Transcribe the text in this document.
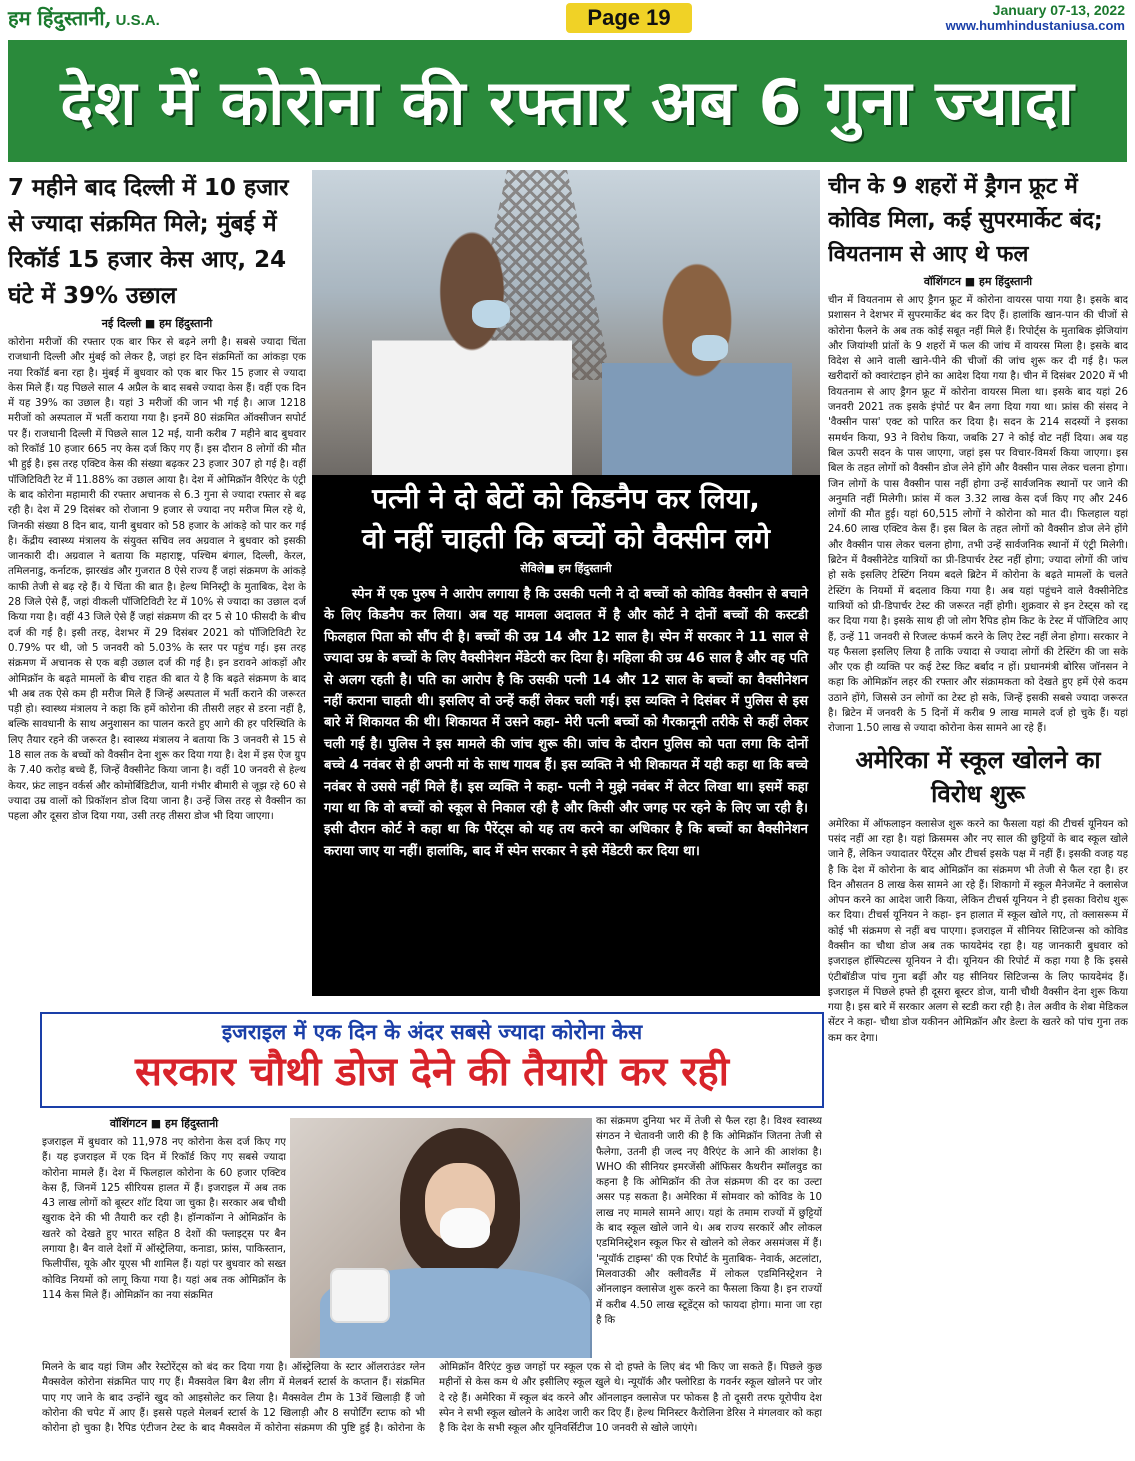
हम हिंदुस्तानी, U.S.A.	Page 19	January 07-13, 2022
www.humhindustaniusa.com
देश में कोरोना की रफ्तार अब 6 गुना ज्यादा
7 महीने बाद दिल्ली में 10 हजार से ज्यादा संक्रमित मिले; मुंबई में रिकॉर्ड 15 हजार केस आए, 24 घंटे में 39% उछाल
नई दिल्ली ■ हम हिंदुस्तानी

कोरोना मरीजों की रफ्तार एक बार फिर से बढ़ने लगी है। सबसे ज्यादा चिंता राजधानी दिल्ली और मुंबई को लेकर है, जहां हर दिन संक्रमितों का आंकड़ा एक नया रिकॉर्ड बना रहा है। मुंबई में बुधवार को एक बार फिर 15 हजार से ज्यादा केस मिले हैं। यह पिछले साल 4 अप्रैल के बाद सबसे ज्यादा केस हैं। वहीं एक दिन में यह 39% का उछाल है। यहां 3 मरीजों की जान भी गई है। आज 1218 मरीजों को अस्पताल में भर्ती कराया गया है। इनमें 80 संक्रमित ऑक्सीजन सपोर्ट पर हैं। राजधानी दिल्ली में पिछले साल 12 मई, यानी करीब 7 महीने बाद बुधवार को रिकॉर्ड 10 हजार 665 नए केस दर्ज किए गए हैं। इस दौरान 8 लोगों की मौत भी हुई है। इस तरह एक्टिव केस की संख्या बढ़कर 23 हजार 307 हो गई है। वहीं पॉजिटिविटी रेट में 11.88% का उछाल आया है। देश में ओमिक्रॉन वैरिएंट के एंट्री के बाद कोरोना महामारी की रफ्तार अचानक से 6.3 गुना से ज्यादा रफ्तार से बढ़ रही है। देश में 29 दिसंबर को रोजाना 9 हजार से ज्यादा नए मरीज मिल रहे थे, जिनकी संख्या 8 दिन बाद, यानी बुधवार को 58 हजार के आंकड़े को पार कर गई है। केंद्रीय स्वास्थ्य मंत्रालय के संयुक्त सचिव लव अग्रवाल ने बुधवार को इसकी जानकारी दी। अग्रवाल ने बताया कि महाराष्ट्र, पश्चिम बंगाल, दिल्ली, केरल, तमिलनाडु, कर्नाटक, झारखंड और गुजरात 8 ऐसे राज्य हैं जहां संक्रमण के आंकड़े काफी तेजी से बढ़ रहे हैं। ये चिंता की बात है। हेल्थ मिनिस्ट्री के मुताबिक, देश के 28 जिले ऐसे हैं, जहां वीकली पॉजिटिविटी रेट में 10% से ज्यादा का उछाल दर्ज किया गया है। वहीं 43 जिले ऐसे हैं जहां संक्रमण की दर 5 से 10 फीसदी के बीच दर्ज की गई है। इसी तरह, देशभर में 29 दिसंबर 2021 को पॉजिटिविटी रेट 0.79% पर थी, जो 5 जनवरी को 5.03% के स्तर पर पहुंच गई। इस तरह संक्रमण में अचानक से एक बड़ी उछाल दर्ज की गई है। इन डरावने आंकड़ों और ओमिक्रॉन के बढ़ते मामलों के बीच राहत की बात ये है कि बढ़ते संक्रमण के बाद भी अब तक ऐसे कम ही मरीज मिले हैं जिन्हें अस्पताल में भर्ती कराने की जरूरत पड़ी हो। स्वास्थ्य मंत्रालय ने कहा कि हमें कोरोना की तीसरी लहर से डरना नहीं है, बल्कि सावधानी के साथ अनुशासन का पालन करते हुए आगे की हर परिस्थिति के लिए तैयार रहने की जरूरत है। स्वास्थ्य मंत्रालय ने बताया कि 3 जनवरी से 15 से 18 साल तक के बच्चों को वैक्सीन देना शुरू कर दिया गया है। देश में इस ऐज ग्रुप के 7.40 करोड़ बच्चे हैं, जिन्हें वैक्सीनेट किया जाना है। वहीं 10 जनवरी से हेल्थ केयर, फ्रंट लाइन वर्कर्स और कोमोर्बिडिटीज, यानी गंभीर बीमारी से जूझ रहे 60 से ज्यादा उम्र वालों को प्रिकॉशन डोज दिया जाना है। उन्हें जिस तरह से वैक्सीन का पहला और दूसरा डोज दिया गया, उसी तरह तीसरा डोज भी दिया जाएगा।

पत्नी ने दो बेटों को किडनैप कर लिया,
वो नहीं चाहती कि बच्चों को वैक्सीन लगे
सेविले■ हम हिंदुस्तानी

स्पेन में एक पुरुष ने आरोप लगाया है कि उसकी पत्नी ने दो बच्चों को कोविड वैक्सीन से बचाने के लिए किडनैप कर लिया। अब यह मामला अदालत में है और कोर्ट ने दोनों बच्चों की कस्टडी फिलहाल पिता को सौंप दी है। बच्चों की उम्र 14 और 12 साल है। स्पेन में सरकार ने 11 साल से ज्यादा उम्र के बच्चों के लिए वैक्सीनेशन मेंडेटरी कर दिया है। महिला की उम्र 46 साल है और वह पति से अलग रहती है। पति का आरोप है कि उसकी पत्नी 14 और 12 साल के बच्चों का वैक्सीनेशन नहीं कराना चाहती थी। इसलिए वो उन्हें कहीं लेकर चली गई। इस व्यक्ति ने दिसंबर में पुलिस से इस बारे में शिकायत की थी। शिकायत में उसने कहा- मेरी पत्नी बच्चों को गैरकानूनी तरीके से कहीं लेकर चली गई है। पुलिस ने इस मामले की जांच शुरू की। जांच के दौरान पुलिस को पता लगा कि दोनों बच्चे 4 नवंबर से ही अपनी मां के साथ गायब हैं। इस व्यक्ति ने भी शिकायत में यही कहा था कि बच्चे नवंबर से उससे नहीं मिले हैं। इस व्यक्ति ने कहा- पत्नी ने मुझे नवंबर में लेटर लिखा था। इसमें कहा गया था कि वो बच्चों को स्कूल से निकाल रही है और किसी और जगह पर रहने के लिए जा रही है। इसी दौरान कोर्ट ने कहा था कि पैरेंट्स को यह तय करने का अधिकार है कि बच्चों का वैक्सीनेशन कराया जाए या नहीं। हालांकि, बाद में स्पेन सरकार ने इसे मेंडेटरी कर दिया था।

चीन के 9 शहरों में ड्रैगन फ्रूट में कोविड मिला, कई सुपरमार्केट बंद; वियतनाम से आए थे फल
वॉशिंगटन ■ हम हिंदुस्तानी

चीन में वियतनाम से आए ड्रैगन फ्रूट में कोरोना वायरस पाया गया है। इसके बाद प्रशासन ने देशभर में सुपरमार्केट बंद कर दिए हैं। हालांकि खान-पान की चीजों से कोरोना फैलने के अब तक कोई सबूत नहीं मिले हैं। रिपोर्ट्स के मुताबिक झेजियांग और जियांग्शी प्रांतों के 9 शहरों में फल की जांच में वायरस मिला है। इसके बाद विदेश से आने वाली खाने-पीने की चीजों की जांच शुरू कर दी गई है। फल खरीदारों को क्वारंटाइन होने का आदेश दिया गया है। चीन में दिसंबर 2020 में भी वियतनाम से आए ड्रैगन फ्रूट में कोरोना वायरस मिला था। इसके बाद यहां 26 जनवरी 2021 तक इसके इंपोर्ट पर बैन लगा दिया गया था। फ्रांस की संसद ने 'वैक्सीन पास' एक्ट को पारित कर दिया है। सदन के 214 सदस्यों ने इसका समर्थन किया, 93 ने विरोध किया, जबकि 27 ने कोई वोट नहीं दिया। अब यह बिल ऊपरी सदन के पास जाएगा, जहां इस पर विचार-विमर्श किया जाएगा। इस बिल के तहत लोगों को वैक्सीन डोज लेने होंगे और वैक्सीन पास लेकर चलना होगा। जिन लोगों के पास वैक्सीन पास नहीं होगा उन्हें सार्वजनिक स्थानों पर जाने की अनुमति नहीं मिलेगी। फ्रांस में कल 3.32 लाख केस दर्ज किए गए और 246 लोगों की मौत हुई। यहां 60,515 लोगों ने कोरोना को मात दी। फिलहाल यहां 24.60 लाख एक्टिव केस हैं। इस बिल के तहत लोगों को वैक्सीन डोज लेने होंगे और वैक्सीन पास लेकर चलना होगा, तभी उन्हें सार्वजनिक स्थानों में एंट्री मिलेगी। ब्रिटेन में वैक्सीनेटेड यात्रियों का प्री-डिपार्चर टेस्ट नहीं होगा; ज्यादा लोगों की जांच हो सके इसलिए टेस्टिंग नियम बदले ब्रिटेन में कोरोना के बढ़ते मामलों के चलते टेस्टिंग के नियमों में बदलाव किया गया है। अब यहां पहुंचने वाले वैक्सीनेटिड यात्रियों को प्री-डिपार्चर टेस्ट की जरूरत नहीं होगी। शुक्रवार से इन टेस्ट्स को रद्द कर दिया गया है। इसके साथ ही जो लोग रैपिड होम किट के टेस्ट में पॉजिटिव आए हैं, उन्हें 11 जनवरी से रिजल्ट कंफर्म करने के लिए टेस्ट नहीं लेना होगा। सरकार ने यह फैसला इसलिए लिया है ताकि ज्यादा से ज्यादा लोगों की टेस्टिंग की जा सके और एक ही व्यक्ति पर कई टेस्ट किट बर्बाद न हों। प्रधानमंत्री बोरिस जॉनसन ने कहा कि ओमिक्रॉन लहर की रफ्तार और संक्रामकता को देखते हुए हमें ऐसे कदम उठाने होंगे, जिससे उन लोगों का टेस्ट हो सके, जिन्हें इसकी सबसे ज्यादा जरूरत है। ब्रिटेन में जनवरी के 5 दिनों में करीब 9 लाख मामले दर्ज हो चुके हैं। यहां रोजाना 1.50 लाख से ज्यादा कोरोना केस सामने आ रहे हैं।

अमेरिका में स्कूल खोलने का विरोध शुरू

अमेरिका में ऑफलाइन क्लासेज शुरू करने का फैसला यहां की टीचर्स यूनियन को पसंद नहीं आ रहा है। यहां क्रिसमस और नए साल की छुट्टियों के बाद स्कूल खोले जाने हैं, लेकिन ज्यादातर पैरेंट्स और टीचर्स इसके पक्ष में नहीं हैं। इसकी वजह यह है कि देश में कोरोना के बाद ओमिक्रॉन का संक्रमण भी तेजी से फैल रहा है। हर दिन औसतन 8 लाख केस सामने आ रहे हैं। शिकागो में स्कूल मैनेजमेंट ने क्लासेज ओपन करने का आदेश जारी किया, लेकिन टीचर्स यूनियन ने ही इसका विरोध शुरू कर दिया। टीचर्स यूनियन ने कहा- इन हालात में स्कूल खोले गए, तो क्लासरूम में कोई भी संक्रमण से नहीं बच पाएगा। इजराइल में सीनियर सिटिजन्स को कोविड वैक्सीन का चौथा डोज अब तक फायदेमंद रहा है। यह जानकारी बुधवार को इजराइल हॉस्पिटल्स यूनियन ने दी। यूनियन की रिपोर्ट में कहा गया है कि इससे एंटीबॉडीज पांच गुना बढ़ीं और यह सीनियर सिटिजन्स के लिए फायदेमंद हैं। इजराइल में पिछले हफ्ते ही दूसरा बूस्टर डोज, यानी चौथी वैक्सीन देना शुरू किया गया है। इस बारे में सरकार अलग से स्टडी करा रही है। तेल अवीव के शेबा मेडिकल सेंटर ने कहा- चौथा डोज यकीनन ओमिक्रॉन और डेल्टा के खतरे को पांच गुना तक कम कर देगा।

इजराइल में एक दिन के अंदर सबसे ज्यादा कोरोना केस
सरकार चौथी डोज देने की तैयारी कर रही
वॉशिंगटन ■ हम हिंदुस्तानी

इजराइल में बुधवार को 11,978 नए कोरोना केस दर्ज किए गए हैं। यह इजराइल में एक दिन में रिकॉर्ड किए गए सबसे ज्यादा कोरोना मामले हैं। देश में फिलहाल कोरोना के 60 हजार एक्टिव केस हैं, जिनमें 125 सीरियस हालत में हैं। इजराइल में अब तक 43 लाख लोगों को बूस्टर शॉट दिया जा चुका है। सरकार अब चौथी खुराक देने की भी तैयारी कर रही है। हॉन्गकॉन्ग ने ओमिक्रॉन के खतरे को देखते हुए भारत सहित 8 देशों की फ्लाइट्स पर बैन लगाया है। बैन वाले देशों में ऑस्ट्रेलिया, कनाडा, फ्रांस, पाकिस्तान, फिलीपींस, यूके और यूएस भी शामिल हैं। यहां पर बुधवार को सख्त कोविड नियमों को लागू किया गया है। यहां अब तक ओमिक्रॉन के 114 केस मिले हैं। ओमिक्रॉन का नया संक्रमित

का संक्रमण दुनिया भर में तेजी से फैल रहा है। विश्व स्वास्थ्य संगठन ने चेतावनी जारी की है कि ओमिक्रॉन जितना तेजी से फैलेगा, उतनी ही जल्द नए वैरिएंट के आने की आशंका है। WHO की सीनियर इमरजेंसी ऑफिसर कैथरीन स्मॉलवुड का कहना है कि ओमिक्रॉन की तेज संक्रमण की दर का उल्टा असर पड़ सकता है। अमेरिका में सोमवार को कोविड के 10 लाख नए मामले सामने आए। यहां के तमाम राज्यों में छुट्टियों के बाद स्कूल खोले जाने थे। अब राज्य सरकारें और लोकल एडमिनिस्ट्रेशन स्कूल फिर से खोलने को लेकर असमंजस में हैं। 'न्यूयॉर्क टाइम्स' की एक रिपोर्ट के मुताबिक- नेवार्क, अटलांटा, मिलवाउकी और क्लीवलैंड में लोकल एडमिनिस्ट्रेशन ने ऑनलाइन क्लासेज शुरू करने का फैसला किया है। इन राज्यों में करीब 4.50 लाख स्टूडेंट्स को फायदा होगा। माना जा रहा है कि

मिलने के बाद यहां जिम और रेस्टोरेंट्स को बंद कर दिया गया है। ऑस्ट्रेलिया के स्टार ऑलराउंडर ग्लेन मैक्सवेल कोरोना संक्रमित पाए गए हैं। मैक्सवेल बिग बैश लीग में मेलबर्न स्टार्स के कप्तान हैं। संक्रमित पाए गए जाने के बाद उन्होंने खुद को आइसोलेट कर लिया है। मैक्सवेल टीम के 13वें खिलाड़ी हैं जो कोरोना की चपेट में आए हैं। इससे पहले मेलबर्न स्टार्स के 12 खिलाड़ी और 8 सपोर्टिंग स्टाफ को भी कोरोना हो चुका है। रैपिड एंटीजन टेस्ट के बाद मैक्सवेल में कोरोना संक्रमण की पुष्टि हुई है। कोरोना के ओमिक्रॉन वैरिएंट कुछ जगहों पर स्कूल एक से दो हफ्ते के लिए बंद भी किए जा सकते हैं। पिछले कुछ महीनों से केस कम थे और इसीलिए स्कूल खुले थे। न्यूयॉर्क और फ्लोरिडा के गवर्नर स्कूल खोलने पर जोर दे रहे हैं। अमेरिका में स्कूल बंद करने और ऑनलाइन क्लासेज पर फोकस है तो दूसरी तरफ यूरोपीय देश स्पेन ने सभी स्कूल खोलने के आदेश जारी कर दिए हैं। हेल्थ मिनिस्टर कैरोलिना डेरिस ने मंगलवार को कहा है कि देश के सभी स्कूल और यूनिवर्सिटीज 10 जनवरी से खोले जाएंगे।
